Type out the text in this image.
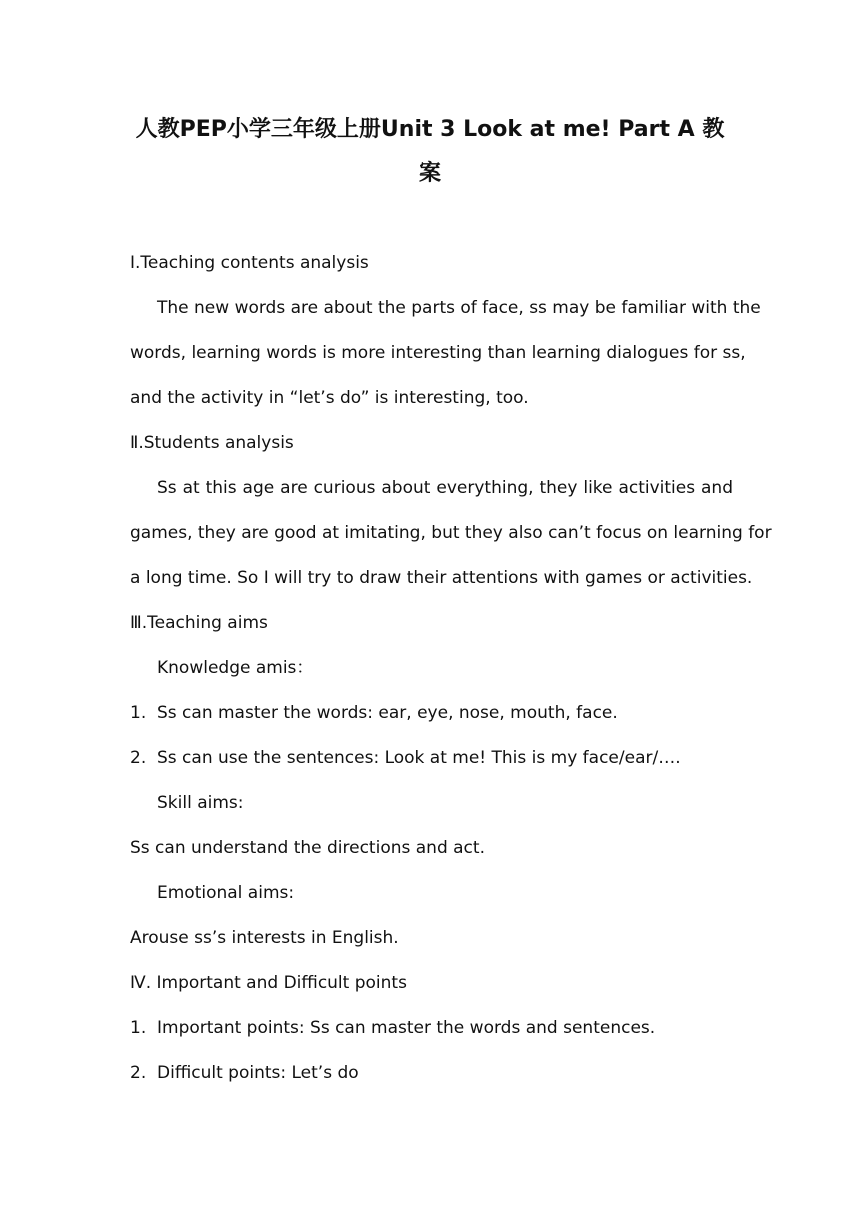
人教PEP小学三年级上册Unit 3 Look at me! Part A 教
案

Ⅰ.Teaching contents analysis

The new words are about the parts of face, ss may be familiar with the

words, learning words is more interesting than learning dialogues for ss,

and the activity in “let’s do” is interesting, too.

Ⅱ.Students analysis

Ss at this age are curious about everything, they like activities and

games, they are good at imitating, but they also can’t focus on learning for

a long time. So I will try to draw their attentions with games or activities.

Ⅲ.Teaching aims

Knowledge amis：

1. Ss can master the words: ear, eye, nose, mouth, face.

2. Ss can use the sentences: Look at me! This is my face/ear/….

Skill aims:

Ss can understand the directions and act.

Emotional aims:

Arouse ss’s interests in English.

Ⅳ. Important and Difficult points

1. Important points: Ss can master the words and sentences.

2. Difficult points: Let’s do
